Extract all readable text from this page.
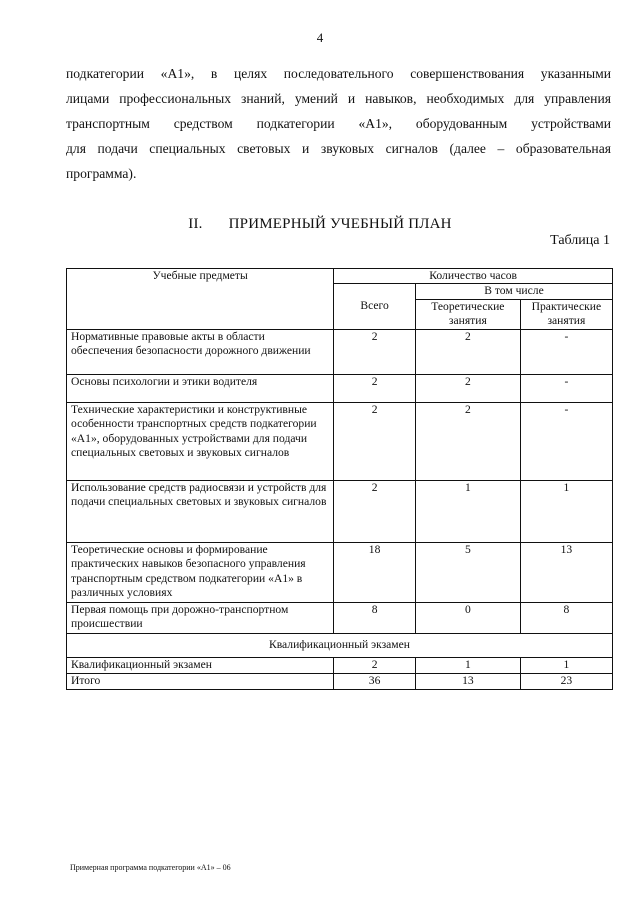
4

подкатегории «А1», в целях последовательного совершенствования указанными

лицами профессиональных знаний, умений и навыков, необходимых для управления

транспортным средством подкатегории «А1», оборудованным устройствами

для подачи специальных световых и звуковых сигналов (далее – образовательная

программа).

II. ПРИМЕРНЫЙ УЧЕБНЫЙ ПЛАН
Таблица 1
Учебные предметы	Количество часов		
	Всего	В том числе	
		Теоретические занятия	Практические занятия
Нормативные правовые акты в области обеспечения безопасности дорожного движении	2	2	-
Основы психологии и этики водителя	2	2	-
Технические характеристики и конструктивные особенности транспортных средств подкатегории «А1», оборудованных устройствами для подачи специальных световых и звуковых сигналов	2	2	-
Использование средств радиосвязи и устройств для подачи специальных световых и звуковых сигналов	2	1	1
Теоретические основы и формирование практических навыков безопасного управления транспортным средством подкатегории «А1» в различных условиях	18	5	13
Первая помощь при дорожно-транспортном происшествии	8	0	8
Квалификационный экзамен			
Квалификационный экзамен	2	1	1
Итого	36	13	23
Примерная программа подкатегории «А1» – 06
